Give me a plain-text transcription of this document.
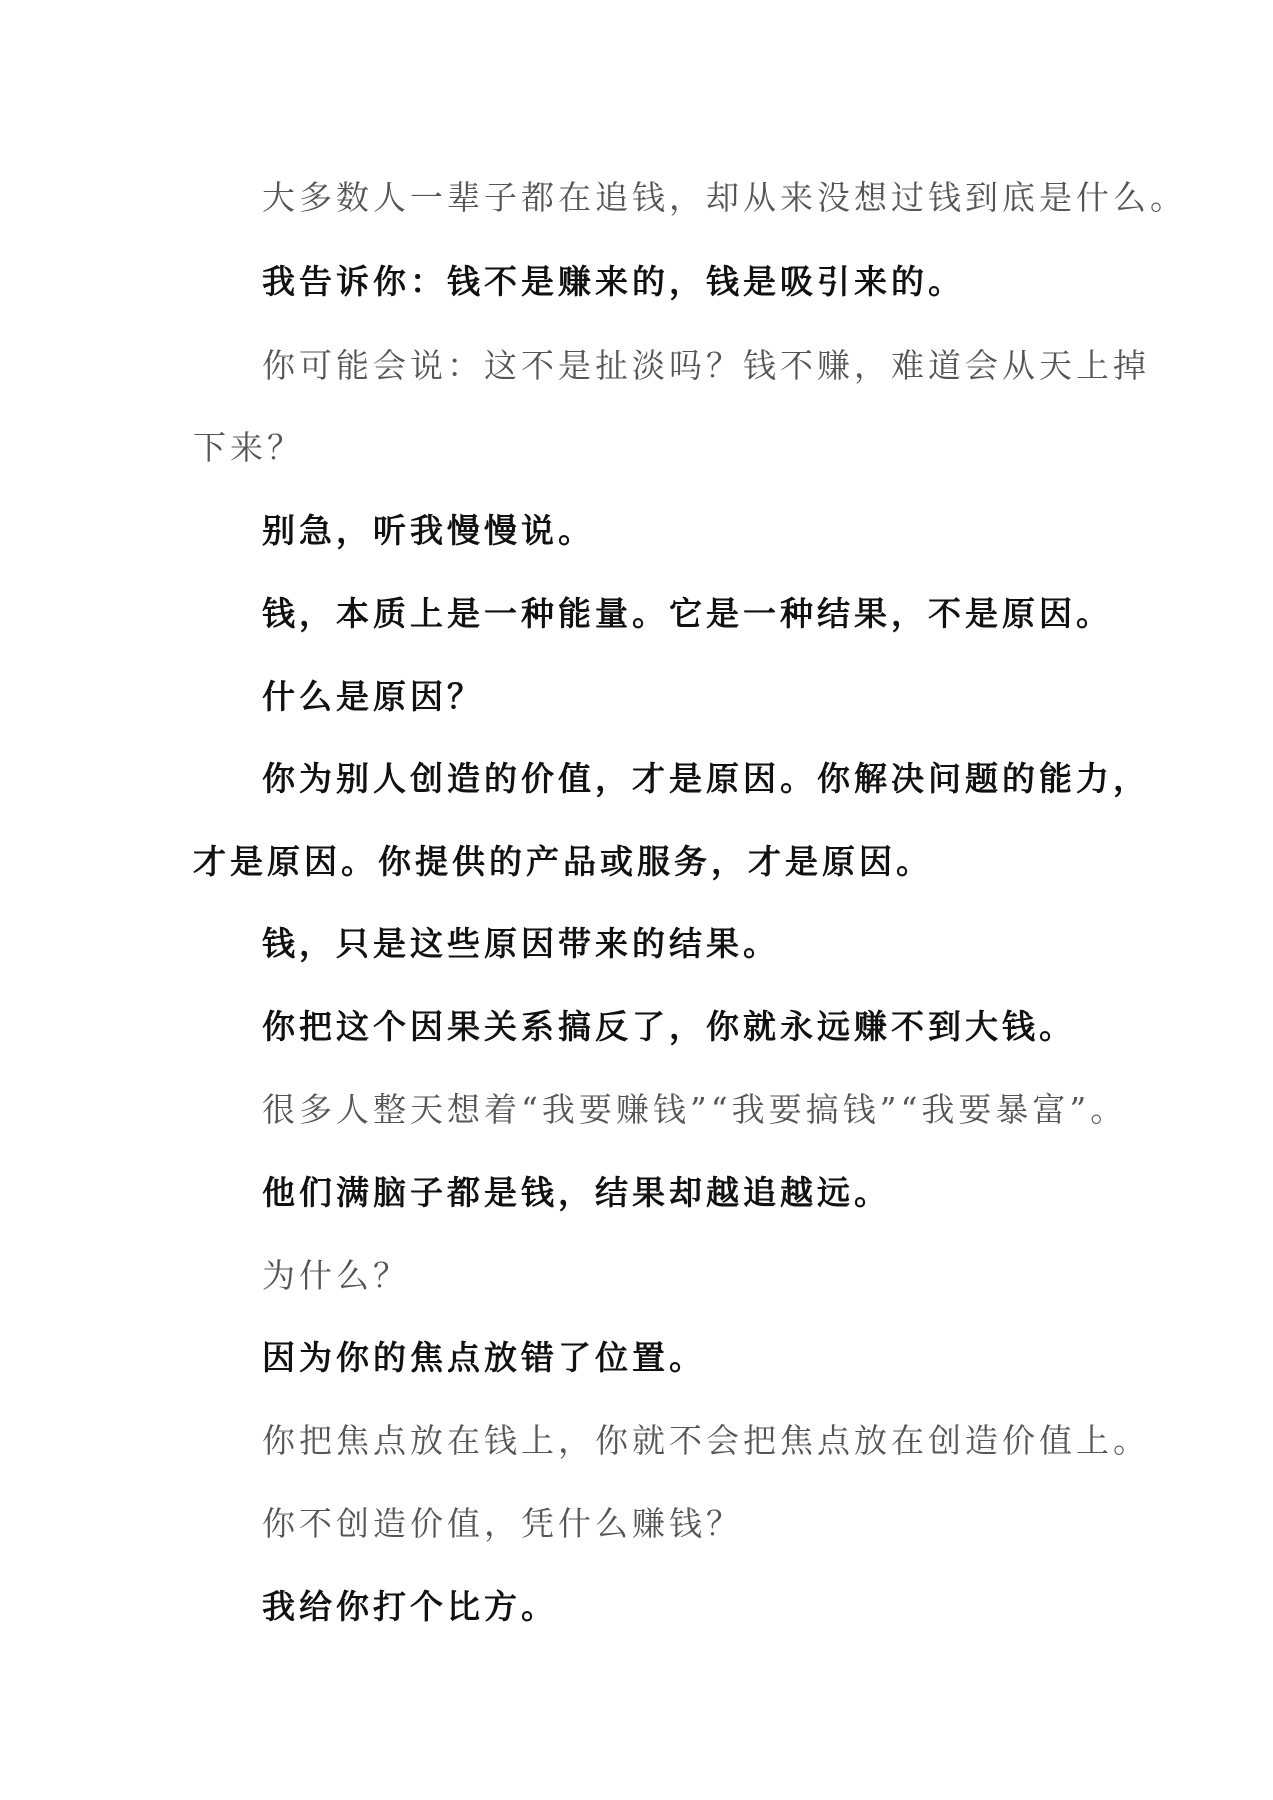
大多数人一辈子都在追钱，却从来没想过钱到底是什么。

我告诉你：钱不是赚来的，钱是吸引来的。

你可能会说：这不是扯淡吗？钱不赚，难道会从天上掉

下来？

别急，听我慢慢说。

钱，本质上是一种能量。它是一种结果，不是原因。

什么是原因？

你为别人创造的价值，才是原因。你解决问题的能力，

才是原因。你提供的产品或服务，才是原因。

钱，只是这些原因带来的结果。

你把这个因果关系搞反了，你就永远赚不到大钱。

很多人整天想着“我要赚钱”“我要搞钱”“我要暴富”。

他们满脑子都是钱，结果却越追越远。

为什么？

因为你的焦点放错了位置。

你把焦点放在钱上，你就不会把焦点放在创造价值上。

你不创造价值，凭什么赚钱？

我给你打个比方。
